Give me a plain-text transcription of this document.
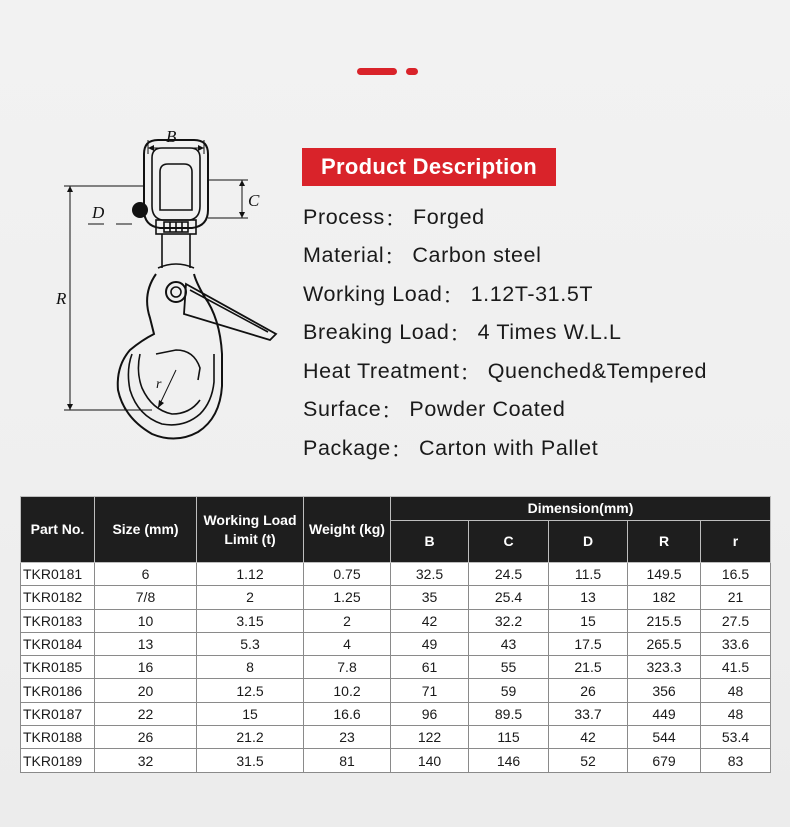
B
C
D
R
r
Product Description
Process ： Forged
Material ： Carbon steel
Working Load ： 1.12T-31.5T
Breaking Load ： 4 Times W.L.L
Heat Treatment ： Quenched&Tempered
Surface ： Powder Coated
Package ： Carton with Pallet
Part No.	Size (mm)	Working Load Limit (t)	Weight (kg)	Dimension(mm)				
				B	C	D	R	r
TKR0181	6	1.12	0.75	32.5	24.5	11.5	149.5	16.5
TKR0182	7/8	2	1.25	35	25.4	13	182	21
TKR0183	10	3.15	2	42	32.2	15	215.5	27.5
TKR0184	13	5.3	4	49	43	17.5	265.5	33.6
TKR0185	16	8	7.8	61	55	21.5	323.3	41.5
TKR0186	20	12.5	10.2	71	59	26	356	48
TKR0187	22	15	16.6	96	89.5	33.7	449	48
TKR0188	26	21.2	23	122	115	42	544	53.4
TKR0189	32	31.5	81	140	146	52	679	83
